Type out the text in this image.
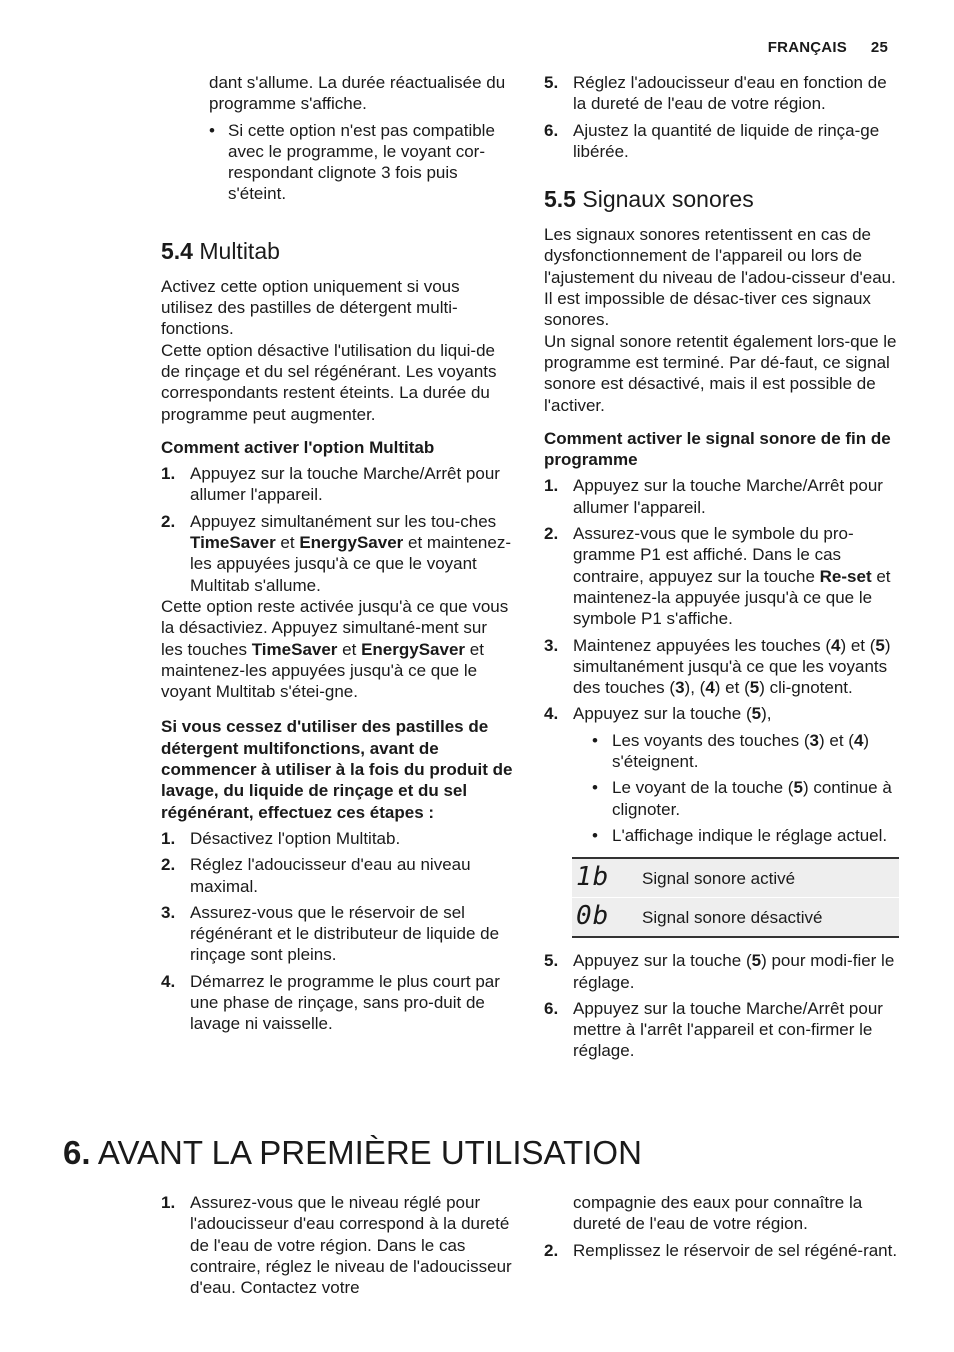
FRANÇAIS 25

dant s'allume. La durée réactualisée du programme s'affiche.

• Si cette option n'est pas compatible avec le programme, le voyant cor-respondant clignote 3 fois puis s'éteint.
5.4 Multitab

Activez cette option uniquement si vous utilisez des pastilles de détergent multi-fonctions.

Cette option désactive l'utilisation du liqui-de de rinçage et du sel régénérant. Les voyants correspondants restent éteints. La durée du programme peut augmenter.

Comment activer l'option Multitab

1. Appuyez sur la touche Marche/Arrêt pour allumer l'appareil.
2. Appuyez simultanément sur les tou-ches TimeSaver et EnergySaver et maintenez-les appuyées jusqu'à ce que le voyant Multitab s'allume.

Cette option reste activée jusqu'à ce que vous la désactiviez. Appuyez simultané-ment sur les touches TimeSaver et EnergySaver et maintenez-les appuyées jusqu'à ce que le voyant Multitab s'étei-gne.

Si vous cessez d'utiliser des pastilles de détergent multifonctions, avant de commencer à utiliser à la fois du produit de lavage, du liquide de rinçage et du sel régénérant, effectuez ces étapes :

1. Désactivez l'option Multitab.
2. Réglez l'adoucisseur d'eau au niveau maximal.
3. Assurez-vous que le réservoir de sel régénérant et le distributeur de liquide de rinçage sont pleins.
4. Démarrez le programme le plus court par une phase de rinçage, sans pro-duit de lavage ni vaisselle.
5. Réglez l'adoucisseur d'eau en fonction de la dureté de l'eau de votre région.
6. Ajustez la quantité de liquide de rinça-ge libérée.
5.5 Signaux sonores

Les signaux sonores retentissent en cas de dysfonctionnement de l'appareil ou lors de l'ajustement du niveau de l'adou-cisseur d'eau. Il est impossible de désac-tiver ces signaux sonores.

Un signal sonore retentit également lors-que le programme est terminé. Par dé-faut, ce signal sonore est désactivé, mais il est possible de l'activer.

Comment activer le signal sonore de fin de programme

1. Appuyez sur la touche Marche/Arrêt pour allumer l'appareil.
2. Assurez-vous que le symbole du pro-gramme P1 est affiché. Dans le cas contraire, appuyez sur la touche Re-set et maintenez-la appuyée jusqu'à ce que le symbole P1 s'affiche.
3. Maintenez appuyées les touches (4) et (5) simultanément jusqu'à ce que les voyants des touches (3), (4) et (5) cli-gnotent.
4. Appuyez sur la touche (5),
• Les voyants des touches (3) et (4) s'éteignent.
• Le voyant de la touche (5) continue à clignoter.
• L'affichage indique le réglage actuel.
1b	Signal sonore activé
0b	Signal sonore désactivé
5. Appuyez sur la touche (5) pour modi-fier le réglage.
6. Appuyez sur la touche Marche/Arrêt pour mettre à l'arrêt l'appareil et con-firmer le réglage.
6. AVANT LA PREMIÈRE UTILISATION
1. Assurez-vous que le niveau réglé pour l'adoucisseur d'eau correspond à la dureté de l'eau de votre région. Dans le cas contraire, réglez le niveau de l'adoucisseur d'eau. Contactez votre

compagnie des eaux pour connaître la dureté de l'eau de votre région.

2. Remplissez le réservoir de sel régéné-rant.
